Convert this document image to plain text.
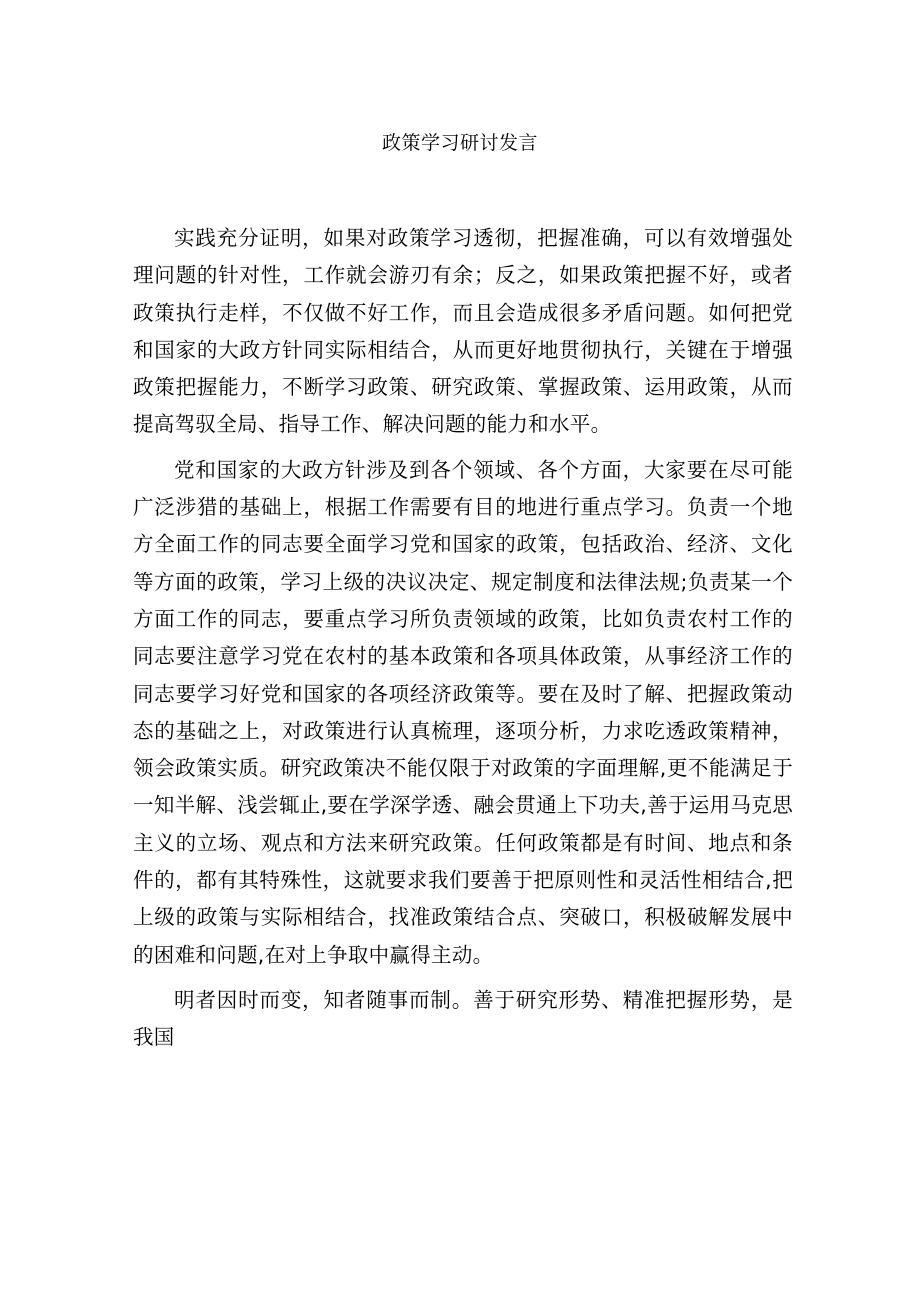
政策学习研讨发言

实践充分证明，如果对政策学习透彻，把握准确，可以有效增强处理问题的针对性，工作就会游刃有余；反之，如果政策把握不好，或者政策执行走样，不仅做不好工作，而且会造成很多矛盾问题。如何把党和国家的大政方针同实际相结合，从而更好地贯彻执行，关键在于增强政策把握能力，不断学习政策、研究政策、掌握政策、运用政策，从而提高驾驭全局、指导工作、解决问题的能力和水平。

党和国家的大政方针涉及到各个领域、各个方面，大家要在尽可能广泛涉猎的基础上，根据工作需要有目的地进行重点学习。负责一个地方全面工作的同志要全面学习党和国家的政策，包括政治、经济、文化等方面的政策，学习上级的决议决定、规定制度和法律法规;负责某一个方面工作的同志，要重点学习所负责领域的政策，比如负责农村工作的同志要注意学习党在农村的基本政策和各项具体政策，从事经济工作的同志要学习好党和国家的各项经济政策等。要在及时了解、把握政策动态的基础之上，对政策进行认真梳理，逐项分析，力求吃透政策精神，领会政策实质。研究政策决不能仅限于对政策的字面理解,更不能满足于一知半解、浅尝辄止,要在学深学透、融会贯通上下功夫,善于运用马克思主义的立场、观点和方法来研究政策。任何政策都是有时间、地点和条件的，都有其特殊性，这就要求我们要善于把原则性和灵活性相结合,把上级的政策与实际相结合，找准政策结合点、突破口，积极破解发展中的困难和问题,在对上争取中赢得主动。

明者因时而变，知者随事而制。善于研究形势、精准把握形势，是我国
